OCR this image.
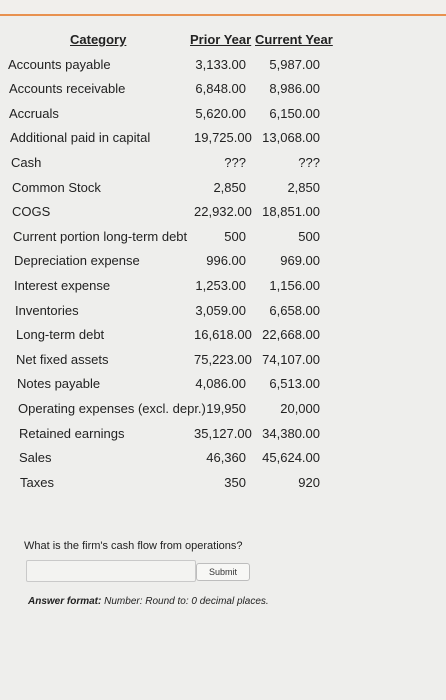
Category	Prior Year Current Year
Accounts payable	3,133.00	5,987.00
Accounts receivable	6,848.00	8,986.00
Accruals	5,620.00	6,150.00
Additional paid in capital	19,725.00 13,068.00
Cash	???	???
Common Stock	2,850	2,850
COGS	22,932.00 18,851.00
Current portion long-term debt	500	500
Depreciation expense	996.00	969.00
Interest expense	1,253.00	1,156.00
Inventories	3,059.00	6,658.00
Long-term debt	16,618.00 22,668.00
Net fixed assets	75,223.00 74,107.00
Notes payable	4,086.00	6,513.00
Operating expenses (excl. depr.) 19,950	20,000
Retained earnings	35,127.00 34,380.00
Sales	46,360 45,624.00
Taxes	350	920
What is the firm's cash flow from operations?
Submit
Answer format: Number: Round to: 0 decimal places.
